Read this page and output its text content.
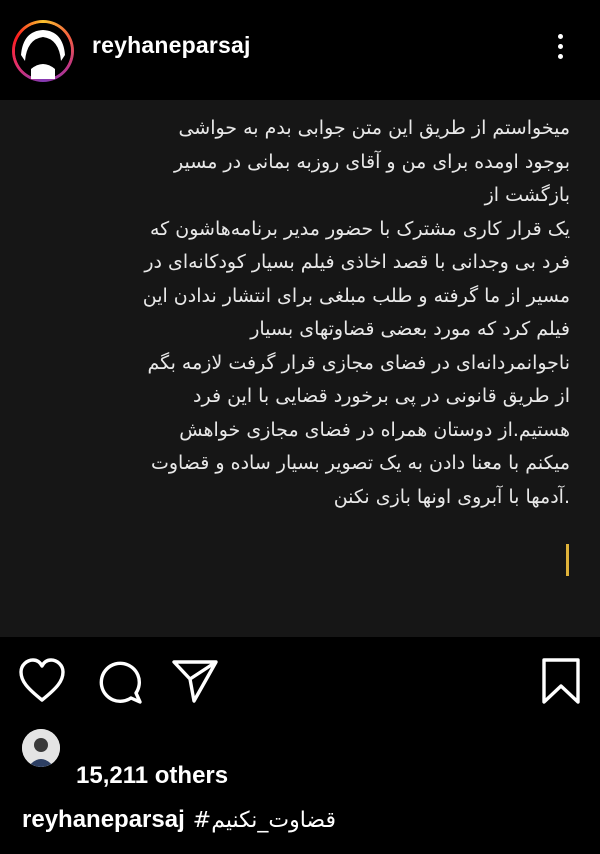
reyhaneparsaj

میخواستم از طریق این متن جوابی بدم به حواشی

بوجود اومده برای من و آقای روزبه بمانی در مسیر

بازگشت از

یک قرار کاری مشترک با حضور مدیر برنامه‌هاشون که

فرد بی وجدانی با قصد اخاذی فیلم بسیار کودکانه‌ای در

مسیر از ما گرفته و طلب مبلغی برای انتشار ندادن این

فیلم کرد که مورد بعضی قضاوتهای بسیار

ناجوانمردانه‌ای در فضای مجازی قرار گرفت لازمه بگم

از طریق قانونی در پی برخورد قضایی با این فرد

هستیم.از دوستان همراه در فضای مجازی خواهش

میکنم با معنا دادن به یک تصویر بسیار ساده و قضاوت

.آدمها با آبروی اونها بازی نکنن

15,211 others
reyhaneparsaj #قضاوت_نکنیم
